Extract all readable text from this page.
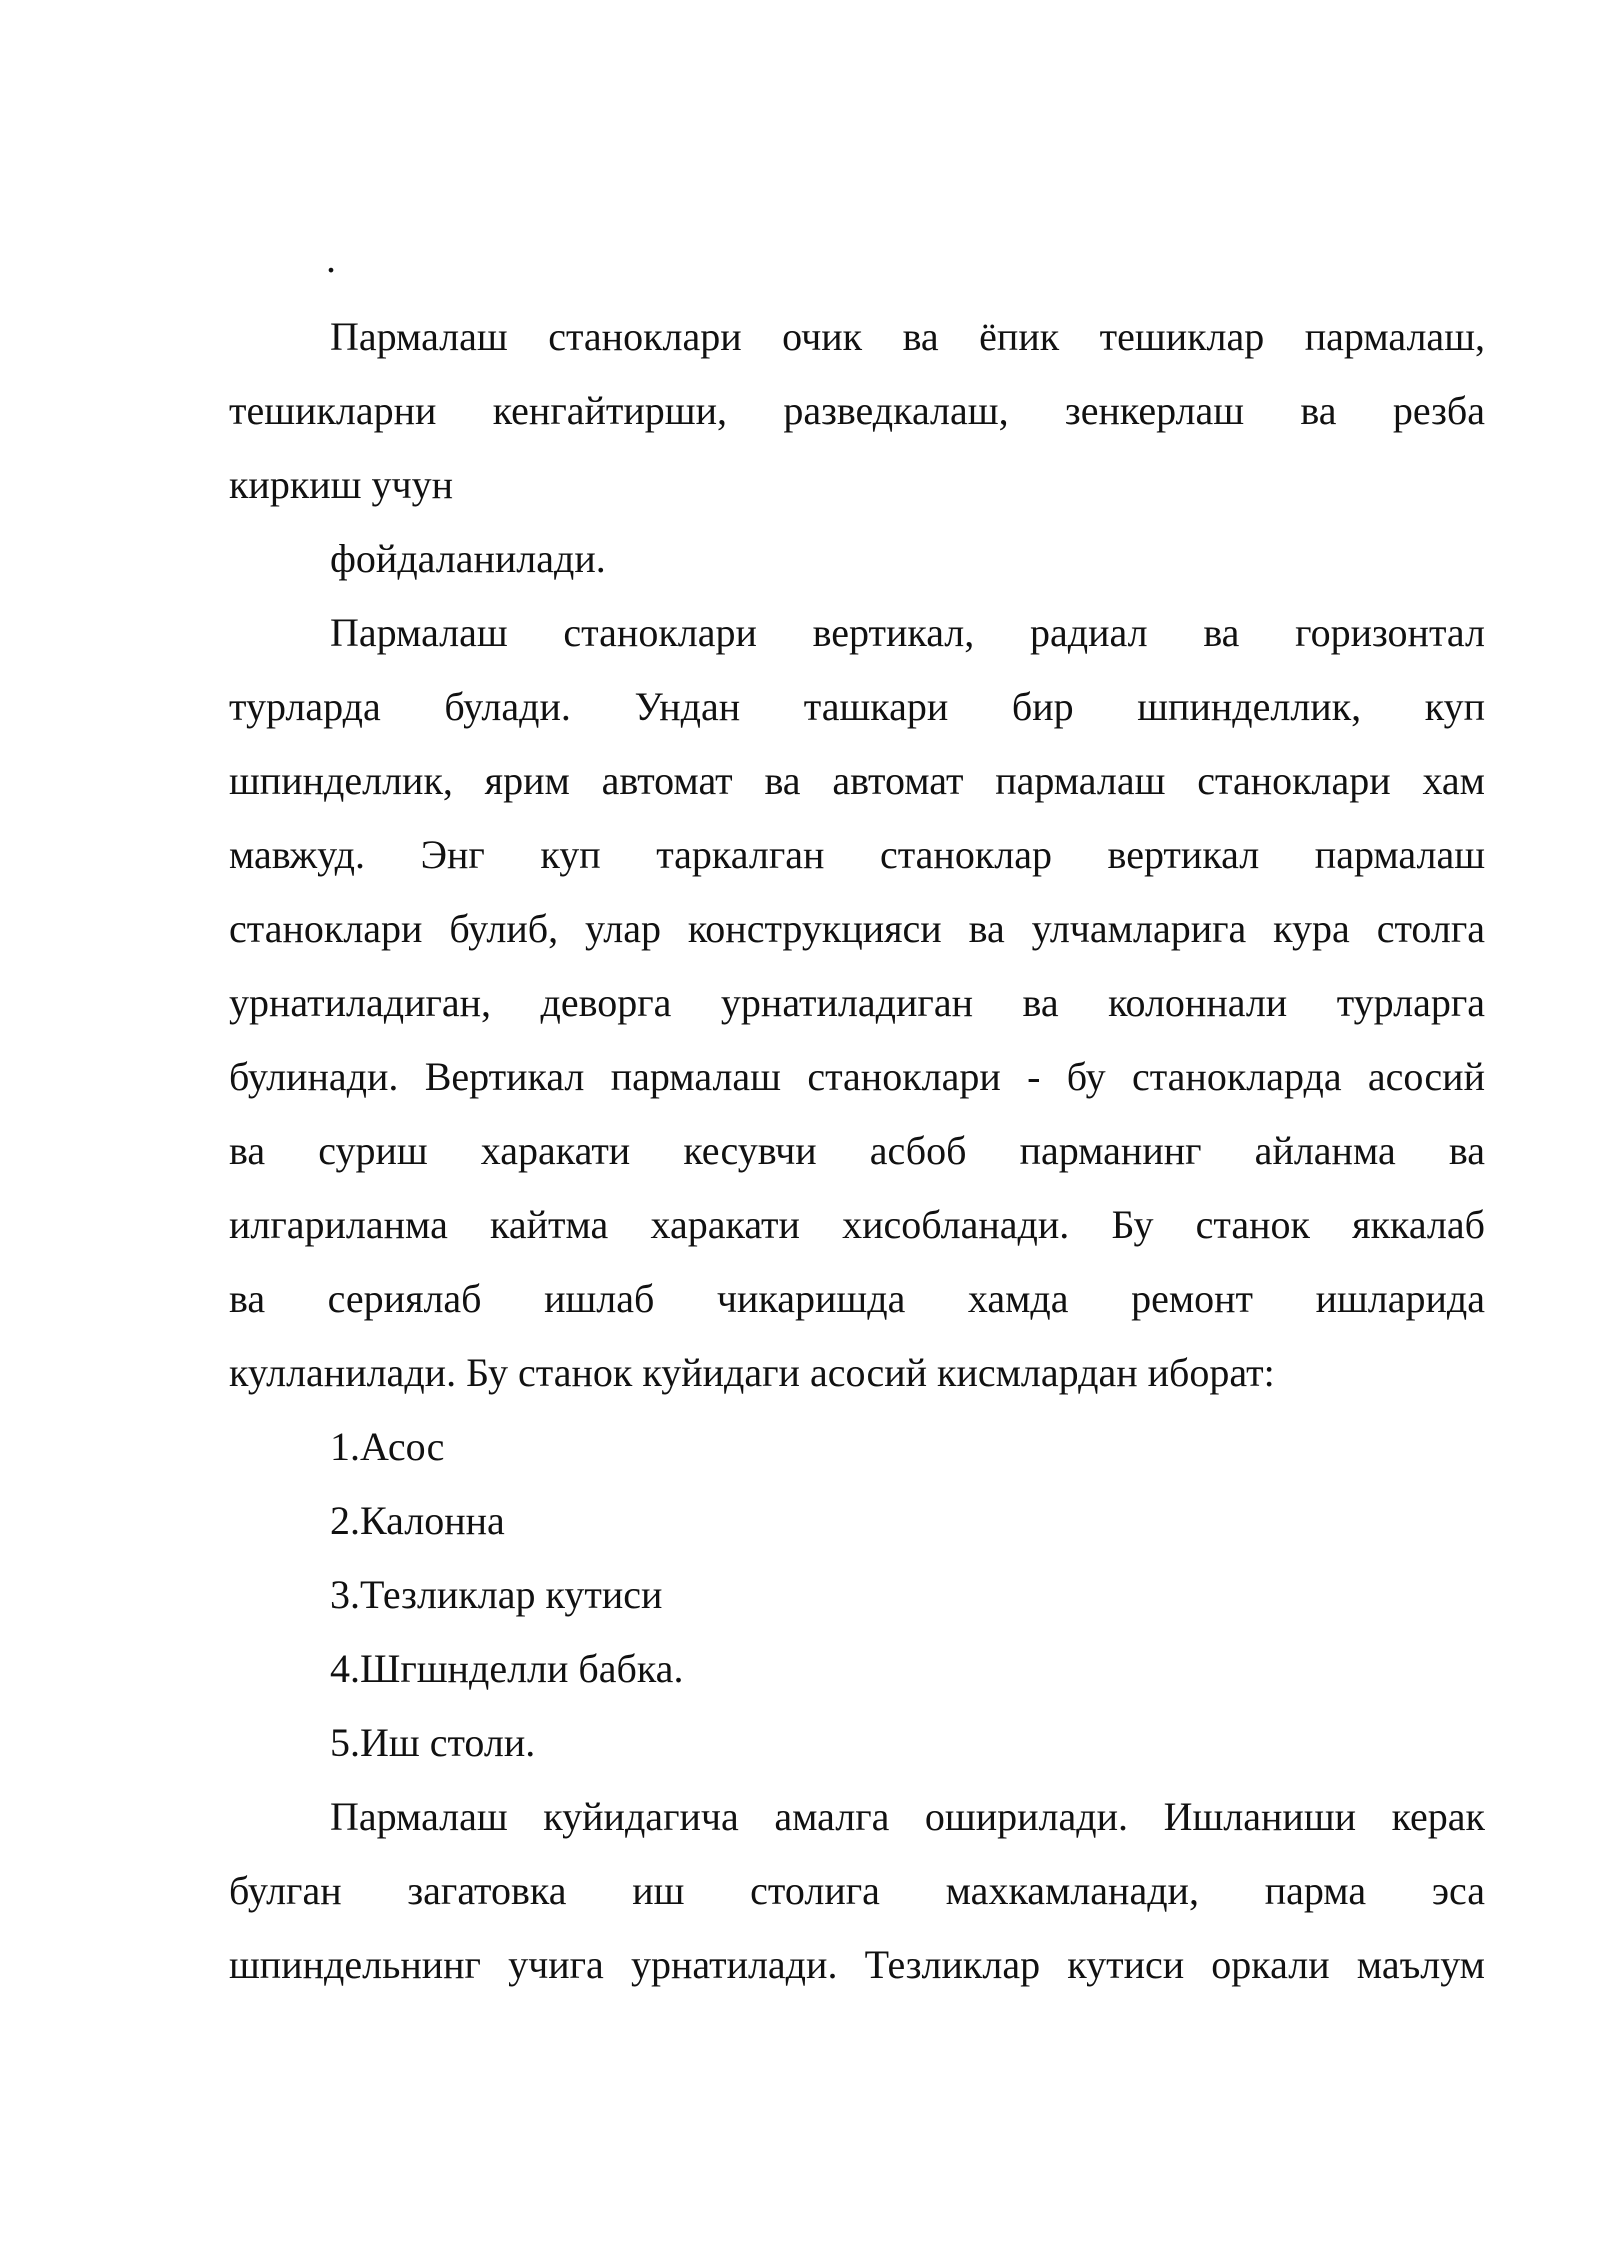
.

Пармалаш станоклари очик ва ёпик тешиклар пармалаш,

тешикларни кенгайтирши, разведкалаш, зенкерлаш ва резба

киркиш учун

фойдаланилади.

Пармалаш станоклари вертикал, радиал ва горизонтал

турларда булади. Ундан ташкари бир шпинделлик, куп

шпинделлик, ярим автомат ва автомат пармалаш станоклари хам

мавжуд. Энг куп таркалган станоклар вертикал пармалаш

станоклари булиб, улар конструкцияси ва улчамларига кура столга

урнатиладиган, деворга урнатиладиган ва колоннали турларга

булинади. Вертикал пармалаш станоклари - бу станокларда асосий

ва суриш харакати кесувчи асбоб парманинг айланма ва

илгариланма кайтма харакати хисобланади. Бу станок яккалаб

ва сериялаб ишлаб чикаришда хамда ремонт ишларида

кулланилади. Бу станок куйидаги асосий кисмлардан иборат:

1.Асос

2.Калонна

3.Тезликлар кутиси

4.Шгшнделли бабка.

5.Иш столи.

Пармалаш куйидагича амалга оширилади. Ишланиши керак

булган загатовка иш столига махкамланади, парма эса

шпиндельнинг учига урнатилади. Тезликлар кутиси оркали маълум
